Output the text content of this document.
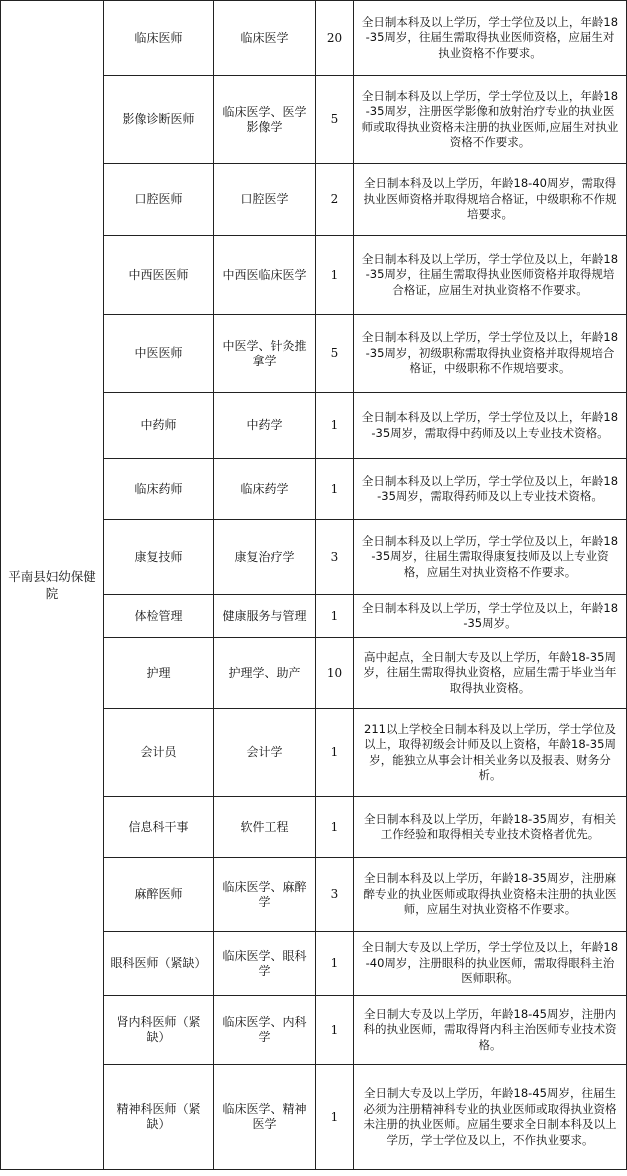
平南县妇幼保健院	临床医师	临床医学	20	全日制本科及以上学历，学士学位及以上，年龄18-35周岁，往届生需取得执业医师资格，应届生对执业资格不作要求。
	影像诊断医师	临床医学、医学影像学	5	全日制本科及以上学历，学士学位及以上，年龄18-35周岁，注册医学影像和放射治疗专业的执业医师或取得执业资格未注册的执业医师,应届生对执业资格不作要求。
	口腔医师	口腔医学	2	全日制本科及以上学历，年龄18-40周岁，需取得执业医师资格并取得规培合格证，中级职称不作规培要求。
	中西医医师	中西医临床医学	1	全日制本科及以上学历，学士学位及以上，年龄18-35周岁，往届生需取得执业医师资格并取得规培合格证，应届生对执业资格不作要求。
	中医医师	中医学、针灸推拿学	5	全日制本科及以上学历，学士学位及以上，年龄18-35周岁，初级职称需取得执业资格并取得规培合格证，中级职称不作规培要求。
	中药师	中药学	1	全日制本科及以上学历，学士学位及以上，年龄18-35周岁，需取得中药师及以上专业技术资格。
	临床药师	临床药学	1	全日制本科及以上学历，学士学位及以上，年龄18-35周岁，需取得药师及以上专业技术资格。
	康复技师	康复治疗学	3	全日制本科及以上学历，学士学位及以上，年龄18-35周岁，往届生需取得康复技师及以上专业资格，应届生对执业资格不作要求。
	体检管理	健康服务与管理	1	全日制本科及以上学历，学士学位及以上，年龄18-35周岁。
	护理	护理学、助产	10	高中起点，全日制大专及以上学历，年龄18-35周岁，往届生需取得执业资格，应届生需于毕业当年取得执业资格。
	会计员	会计学	1	211以上学校全日制本科及以上学历，学士学位及以上，取得初级会计师及以上资格，年龄18-35周岁，能独立从事会计相关业务以及报表、财务分析。
	信息科干事	软件工程	1	全日制本科及以上学历，年龄18-35周岁，有相关工作经验和取得相关专业技术资格者优先。
	麻醉医师	临床医学、麻醉学	3	全日制本科及以上学历，年龄18-35周岁，注册麻醉专业的执业医师或取得执业资格未注册的执业医师，应届生对执业资格不作要求。
	眼科医师（紧缺）	临床医学、眼科学	1	全日制大专及以上学历，学士学位及以上，年龄18-40周岁，注册眼科的执业医师，需取得眼科主治医师职称。
	肾内科医师（紧缺）	临床医学、内科学	1	全日制大专及以上学历，年龄18-45周岁，注册内科的执业医师，需取得肾内科主治医师专业技术资格。
	精神科医师（紧缺）	临床医学、精神医学	1	全日制大专及以上学历，年龄18-45周岁，往届生必须为注册精神科专业的执业医师或取得执业资格未注册的执业医师。应届生要求全日制本科及以上学历，学士学位及以上，不作执业要求。
